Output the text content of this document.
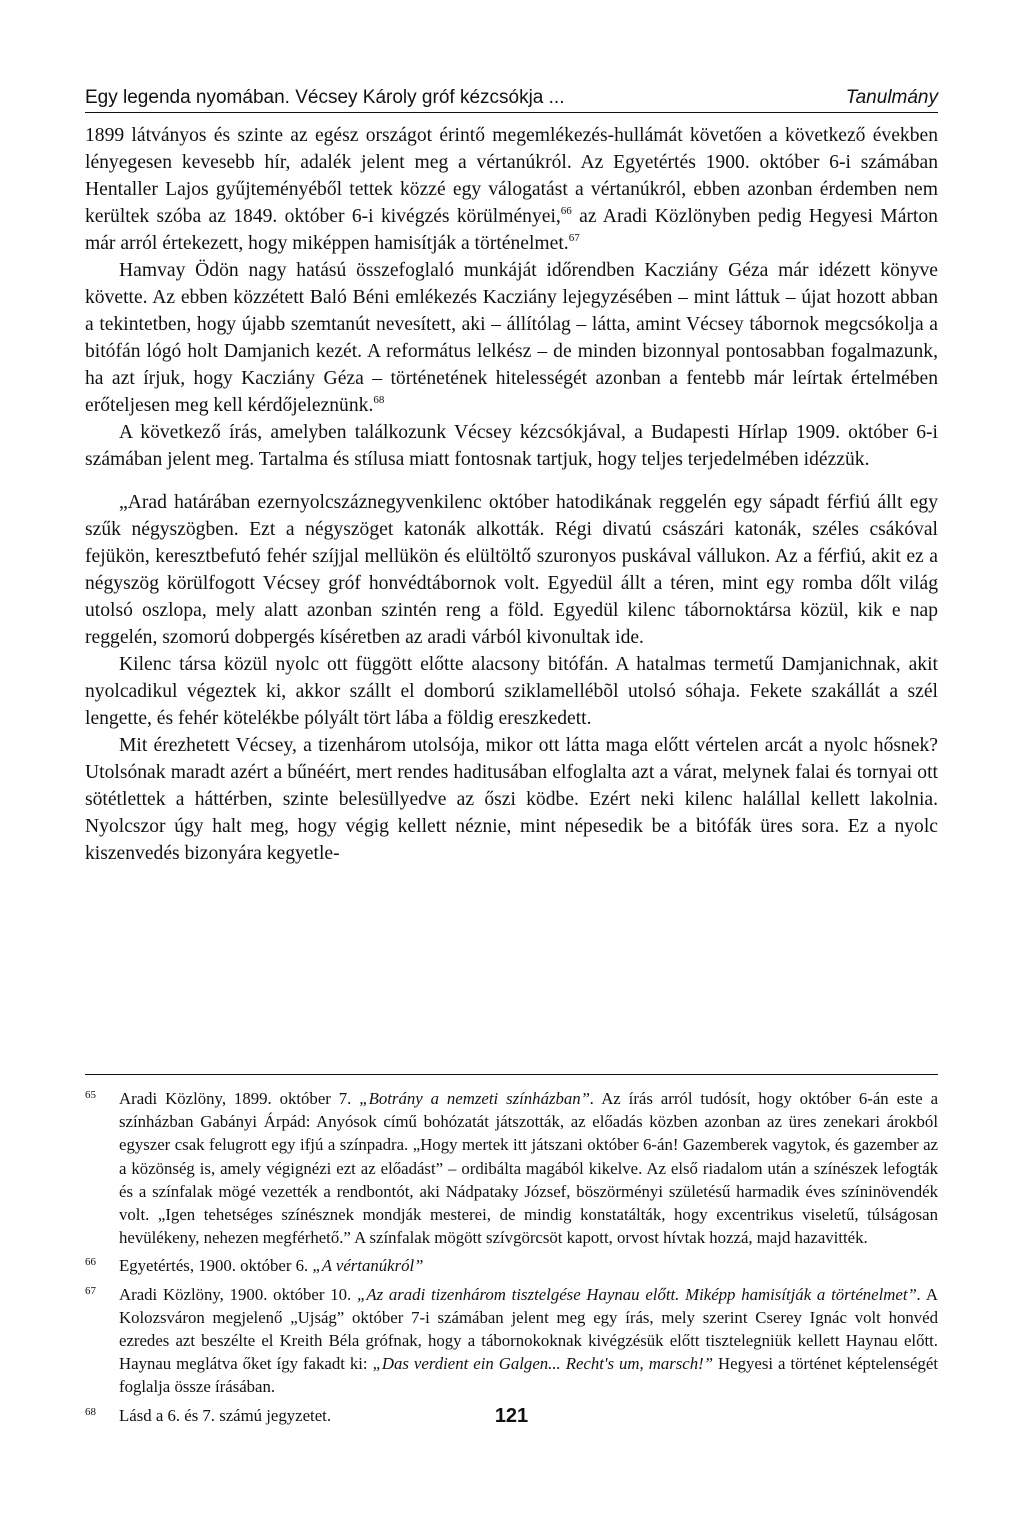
Egy legenda nyomában. Vécsey Károly gróf kézcsókja ...	Tanulmány

1899 látványos és szinte az egész országot érintő megemlékezés-hullámát követően a következő években lényegesen kevesebb hír, adalék jelent meg a vértanúkról. Az Egyetértés 1900. október 6-i számában Hentaller Lajos gyűjteményéből tettek közzé egy válogatást a vértanúkról, ebben azonban érdemben nem kerültek szóba az 1849. október 6-i kivégzés körülményei,$^{66}$ az Aradi Közlönyben pedig Hegyesi Márton már arról értekezett, hogy miképpen hamisítják a történelmet.$^{67}$

Hamvay Ödön nagy hatású összefoglaló munkáját időrendben Kacziány Géza már idézett könyve követte. Az ebben közzétett Baló Béni emlékezés Kacziány lejegyzésében – mint láttuk – újat hozott abban a tekintetben, hogy újabb szemtanút nevesített, aki – állítólag – látta, amint Vécsey tábornok megcsókolja a bitófán lógó holt Damjanich kezét. A református lelkész – de minden bizonnyal pontosabban fogalmazunk, ha azt írjuk, hogy Kacziány Géza – történetének hitelességét azonban a fentebb már leírtak értelmében erőteljesen meg kell kérdőjeleznünk.$^{68}$

A következő írás, amelyben találkozunk Vécsey kézcsókjával, a Budapesti Hírlap 1909. október 6-i számában jelent meg. Tartalma és stílusa miatt fontosnak tartjuk, hogy teljes terjedelmében idézzük.

„Arad határában ezernyolcszáznegyvenkilenc október hatodikának reggelén egy sápadt férfiú állt egy szűk négyszögben. Ezt a négyszöget katonák alkották. Régi divatú császári katonák, széles csákóval fejükön, keresztbefutó fehér szíjjal mellükön és elültöltő szuronyos puskával vállukon. Az a férfiú, akit ez a négyszög körülfogott Vécsey gróf honvédtábornok volt. Egyedül állt a téren, mint egy romba dőlt világ utolsó oszlopa, mely alatt azonban szintén reng a föld. Egyedül kilenc tábornoktársa közül, kik e nap reggelén, szomorú dobpergés kíséretben az aradi várból kivonultak ide.

Kilenc társa közül nyolc ott függött előtte alacsony bitófán. A hatalmas termetű Damjanichnak, akit nyolcadikul végeztek ki, akkor szállt el domború sziklamellébõl utolsó sóhaja. Fekete szakállát a szél lengette, és fehér kötelékbe pólyált tört lába a földig ereszkedett.

Mit érezhetett Vécsey, a tizenhárom utolsója, mikor ott látta maga előtt vértelen arcát a nyolc hősnek? Utolsónak maradt azért a bűnéért, mert rendes haditusában elfoglalta azt a várat, melynek falai és tornyai ott sötétlettek a háttérben, szinte belesüllyedve az őszi ködbe. Ezért neki kilenc halállal kellett lakolnia. Nyolcszor úgy halt meg, hogy végig kellett néznie, mint népesedik be a bitófák üres sora. Ez a nyolc kiszenvedés bizonyára kegyetle-

65 Aradi Közlöny, 1899. október 7. „Botrány a nemzeti színházban”. Az írás arról tudósít, hogy október 6-án este a színházban Gabányi Árpád: Anyósok című bohózatát játszották, az előadás közben azonban az üres zenekari árokból egyszer csak felugrott egy ifjú a színpadra. „Hogy mertek itt játszani október 6-án! Gazemberek vagytok, és gazember az a közönség is, amely végignézi ezt az előadást” – ordibálta magából kikelve. Az első riadalom után a színészek lefogták és a színfalak mögé vezették a rendbontót, aki Nádpataky József, böszörményi születésű harmadik éves színinövendék volt. „Igen tehetséges színésznek mondják mesterei, de mindig konstatálták, hogy excentrikus viseletű, túlságosan hevülékeny, nehezen megférhető.” A színfalak mögött szívgörcsöt kapott, orvost hívtak hozzá, majd hazavitték.
66 Egyetértés, 1900. október 6. „A vértanúkról”
67 Aradi Közlöny, 1900. október 10. „Az aradi tizenhárom tisztelgése Haynau előtt. Miképp hamisítják a történelmet”. A Kolozsváron megjelenő „Ujság” október 7-i számában jelent meg egy írás, mely szerint Cserey Ignác volt honvéd ezredes azt beszélte el Kreith Béla grófnak, hogy a tábornokoknak kivégzésük előtt tisztelegniük kellett Haynau előtt. Haynau meglátva őket így fakadt ki: „Das verdient ein Galgen... Recht's um, marsch!” Hegyesi a történet képtelenségét foglalja össze írásában.
68 Lásd a 6. és 7. számú jegyzetet.	121
